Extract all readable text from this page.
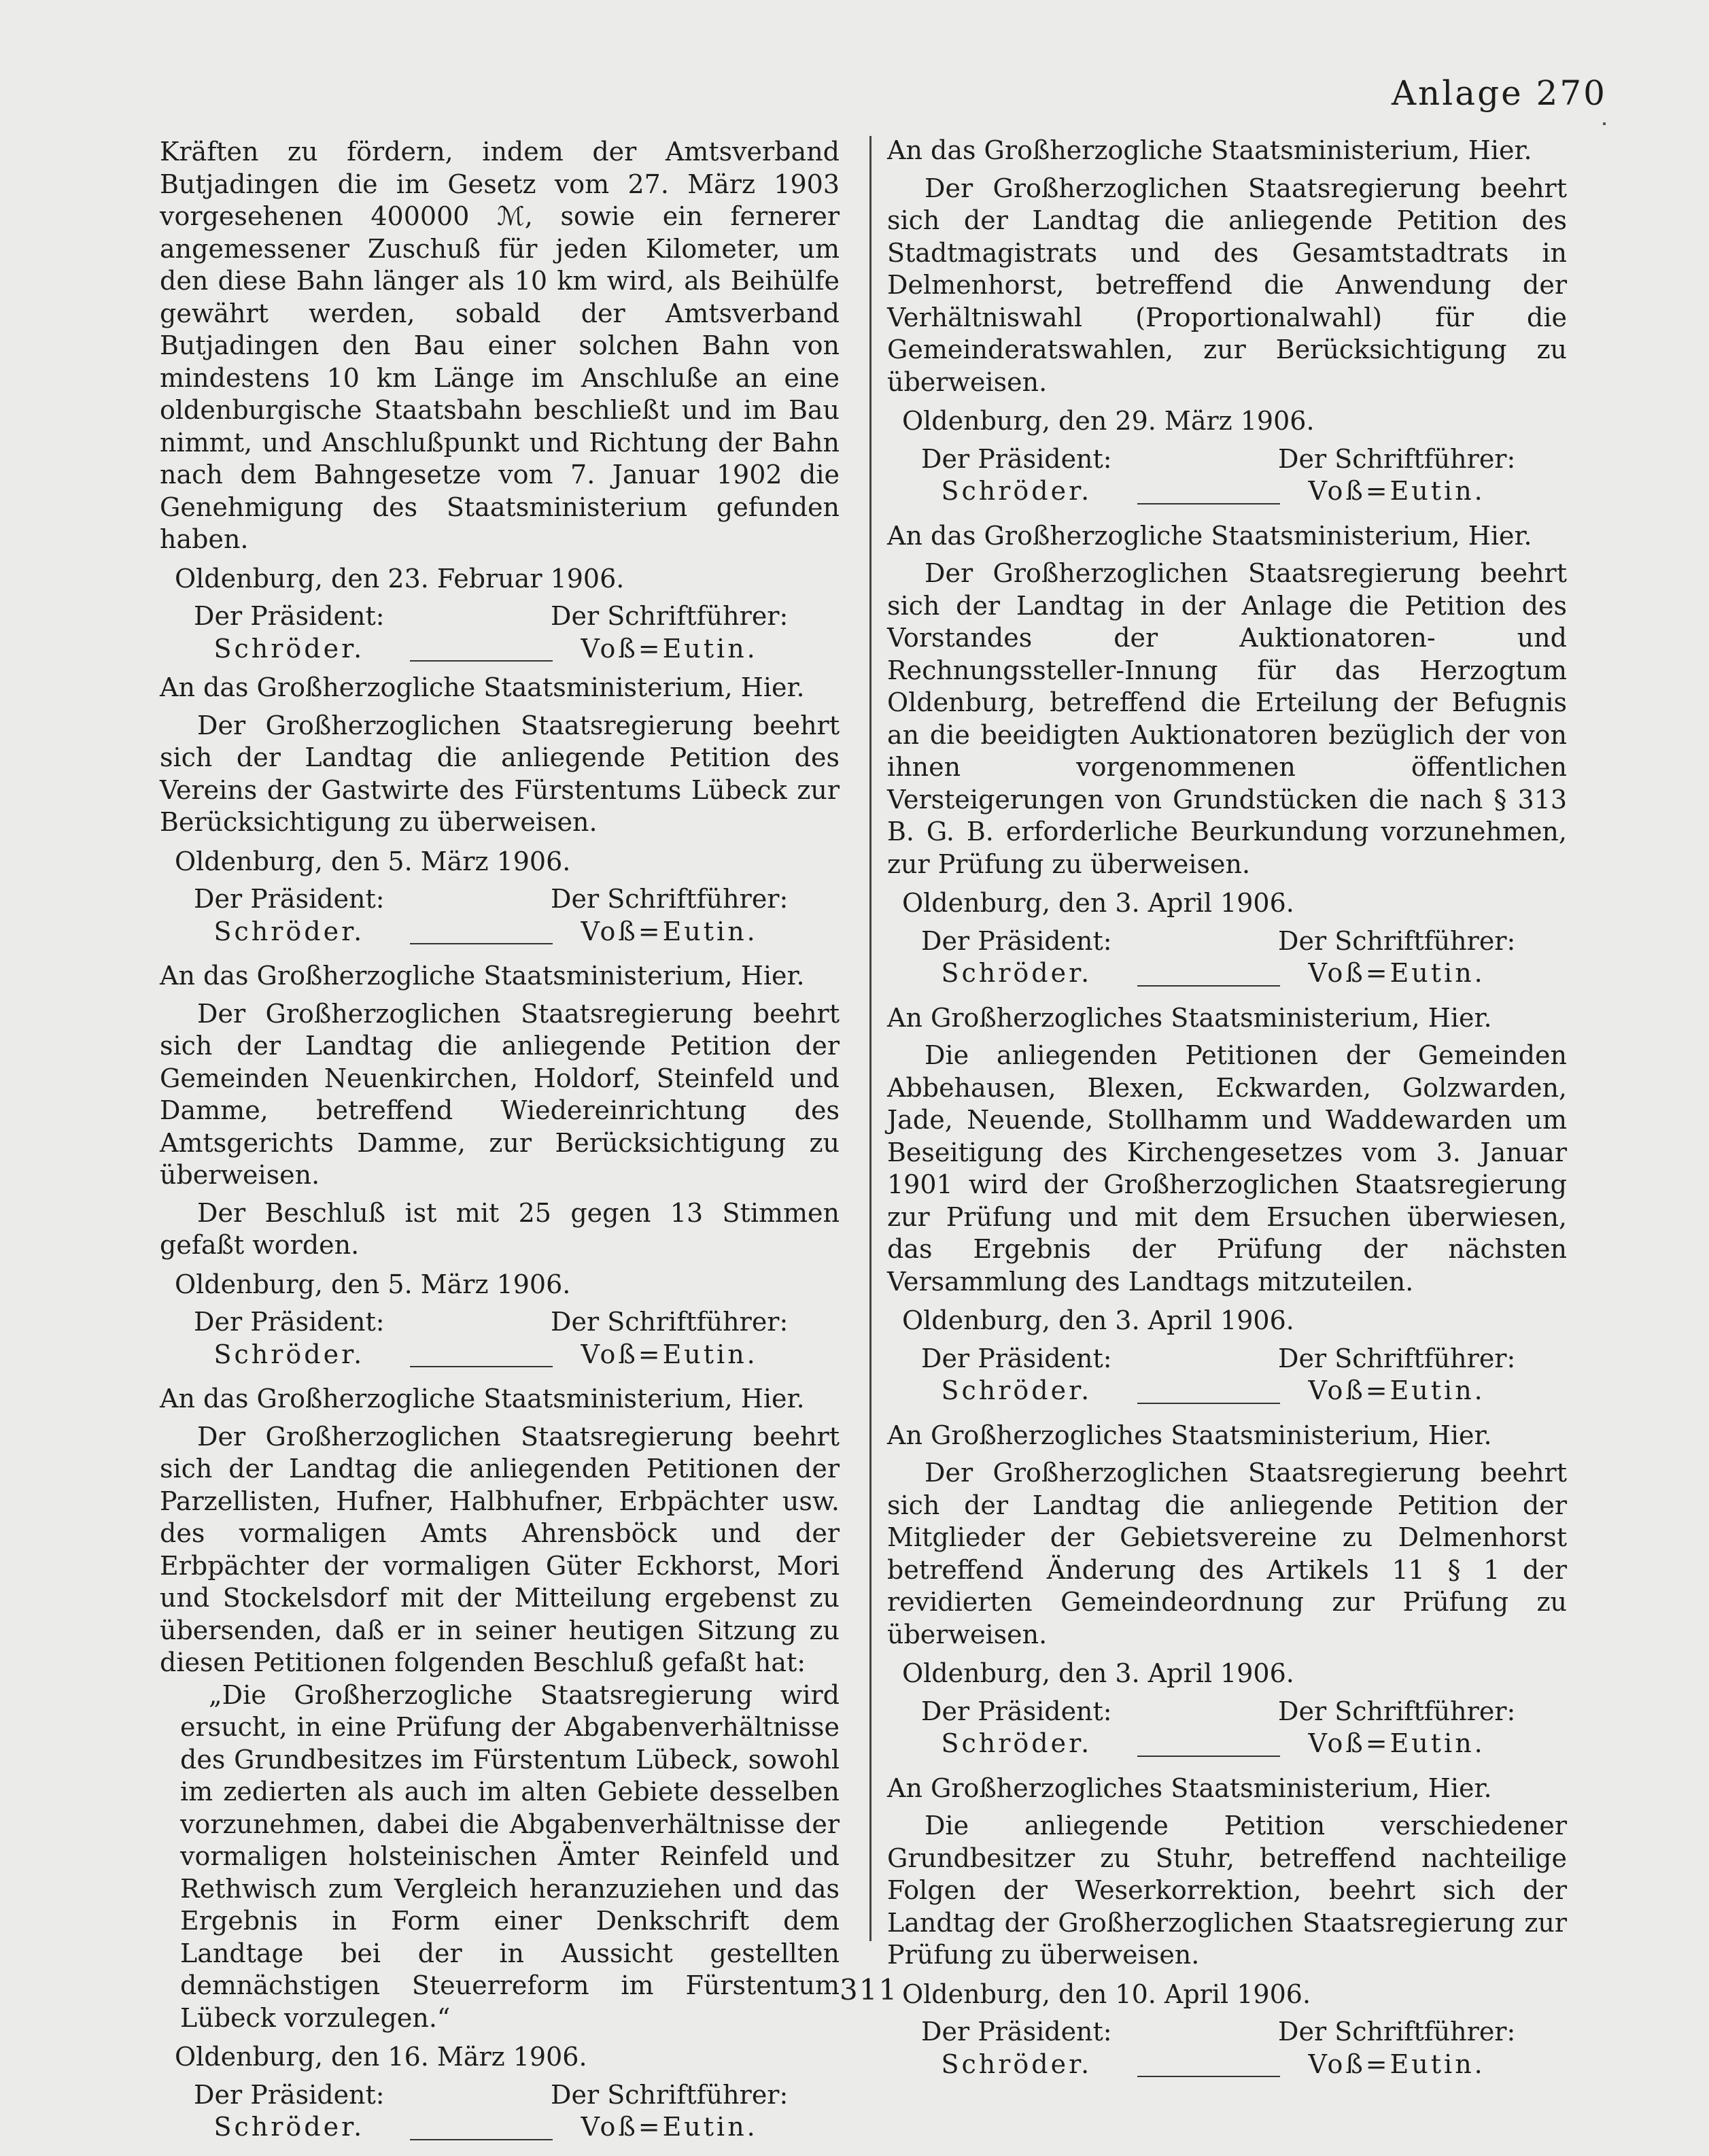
Anlage 270

Kräften zu fördern, indem der Amtsverband Butjadingen die im Gesetz vom 27. März 1903 vorgesehenen 400000 ℳ, sowie ein fernerer angemessener Zuschuß für jeden Kilometer, um den diese Bahn länger als 10 km wird, als Beihülfe gewährt werden, sobald der Amtsverband Butjadingen den Bau einer solchen Bahn von mindestens 10 km Länge im Anschluße an eine oldenburgische Staatsbahn beschließt und im Bau nimmt, und Anschlußpunkt und Richtung der Bahn nach dem Bahngesetze vom 7. Januar 1902 die Genehmigung des Staatsministerium gefunden haben.

Oldenburg, den 23. Februar 1906.

Der Präsident:
Schröder.
Der Schriftführer:
Voß=Eutin.

An das Großherzogliche Staatsministerium, Hier.

Der Großherzoglichen Staatsregierung beehrt sich der Landtag die anliegende Petition des Vereins der Gastwirte des Fürstentums Lübeck zur Berücksichtigung zu überweisen.

Oldenburg, den 5. März 1906.

Der Präsident:
Schröder.
Der Schriftführer:
Voß=Eutin.

An das Großherzogliche Staatsministerium, Hier.

Der Großherzoglichen Staatsregierung beehrt sich der Landtag die anliegende Petition der Gemeinden Neuenkirchen, Holdorf, Steinfeld und Damme, betreffend Wiedereinrichtung des Amtsgerichts Damme, zur Berücksichtigung zu überweisen.

Der Beschluß ist mit 25 gegen 13 Stimmen gefaßt worden.

Oldenburg, den 5. März 1906.

Der Präsident:
Schröder.
Der Schriftführer:
Voß=Eutin.

An das Großherzogliche Staatsministerium, Hier.

Der Großherzoglichen Staatsregierung beehrt sich der Landtag die anliegenden Petitionen der Parzellisten, Hufner, Halbhufner, Erbpächter usw. des vormaligen Amts Ahrensböck und der Erbpächter der vormaligen Güter Eckhorst, Mori und Stockelsdorf mit der Mitteilung ergebenst zu übersenden, daß er in seiner heutigen Sitzung zu diesen Petitionen folgenden Beschluß gefaßt hat:

„Die Großherzogliche Staatsregierung wird ersucht, in eine Prüfung der Abgabenverhältnisse des Grundbesitzes im Fürstentum Lübeck, sowohl im zedierten als auch im alten Gebiete desselben vorzunehmen, dabei die Abgabenverhältnisse der vormaligen holsteinischen Ämter Reinfeld und Rethwisch zum Vergleich heranzuziehen und das Ergebnis in Form einer Denkschrift dem Landtage bei der in Aussicht gestellten demnächstigen Steuerreform im Fürstentum Lübeck vorzulegen.“

Oldenburg, den 16. März 1906.

Der Präsident:
Schröder.
Der Schriftführer:
Voß=Eutin.

An das Großherzogliche Staatsministerium, Hier.

Der Großherzoglichen Staatsregierung beehrt sich der Landtag die anliegende Petition des Stadtmagistrats und des Gesamtstadtrats in Delmenhorst, betreffend die Anwendung der Verhältniswahl (Proportionalwahl) für die Gemeinderatswahlen, zur Berücksichtigung zu überweisen.

Oldenburg, den 29. März 1906.

Der Präsident:
Schröder.
Der Schriftführer:
Voß=Eutin.

An das Großherzogliche Staatsministerium, Hier.

Der Großherzoglichen Staatsregierung beehrt sich der Landtag in der Anlage die Petition des Vorstandes der Auktionatoren- und Rechnungssteller-Innung für das Herzogtum Oldenburg, betreffend die Erteilung der Befugnis an die beeidigten Auktionatoren bezüglich der von ihnen vorgenommenen öffentlichen Versteigerungen von Grundstücken die nach § 313 B. G. B. erforderliche Beurkundung vorzunehmen, zur Prüfung zu überweisen.

Oldenburg, den 3. April 1906.

Der Präsident:
Schröder.
Der Schriftführer:
Voß=Eutin.

An Großherzogliches Staatsministerium, Hier.

Die anliegenden Petitionen der Gemeinden Abbehausen, Blexen, Eckwarden, Golzwarden, Jade, Neuende, Stollhamm und Waddewarden um Beseitigung des Kirchengesetzes vom 3. Januar 1901 wird der Großherzoglichen Staatsregierung zur Prüfung und mit dem Ersuchen überwiesen, das Ergebnis der Prüfung der nächsten Versammlung des Landtags mitzuteilen.

Oldenburg, den 3. April 1906.

Der Präsident:
Schröder.
Der Schriftführer:
Voß=Eutin.

An Großherzogliches Staatsministerium, Hier.

Der Großherzoglichen Staatsregierung beehrt sich der Landtag die anliegende Petition der Mitglieder der Gebietsvereine zu Delmenhorst betreffend Änderung des Artikels 11 § 1 der revidierten Gemeindeordnung zur Prüfung zu überweisen.

Oldenburg, den 3. April 1906.

Der Präsident:
Schröder.
Der Schriftführer:
Voß=Eutin.

An Großherzogliches Staatsministerium, Hier.

Die anliegende Petition verschiedener Grundbesitzer zu Stuhr, betreffend nachteilige Folgen der Weserkorrektion, beehrt sich der Landtag der Großherzoglichen Staatsregierung zur Prüfung zu überweisen.

Oldenburg, den 10. April 1906.

Der Präsident:
Schröder.
Der Schriftführer:
Voß=Eutin.
311
